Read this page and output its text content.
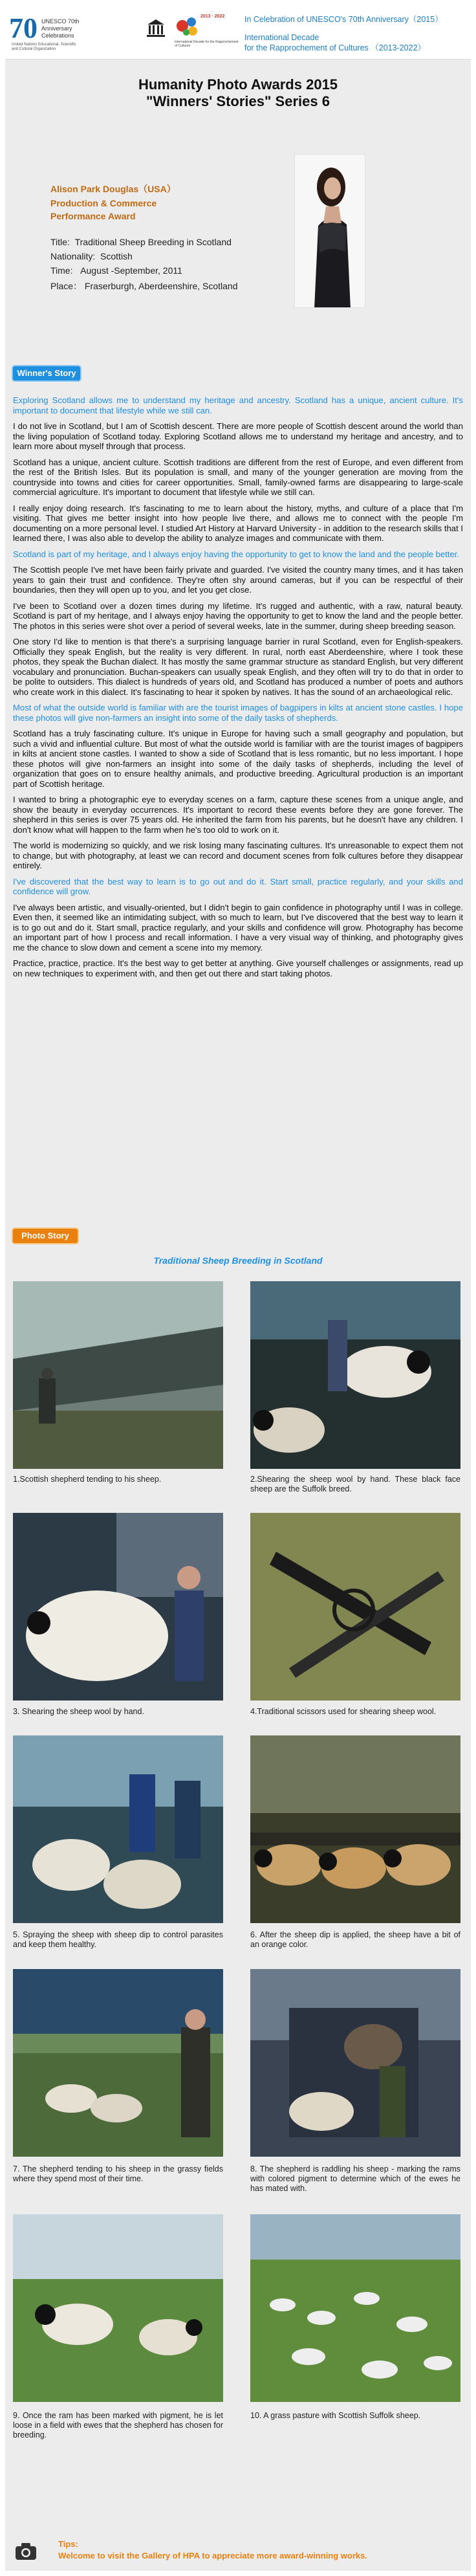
70 UNESCO 70th
Anniversary
Celebrations
United Nations Educational, Scientific and Cultural Organization
2013 · 2022
International Decade for the Rapprochement of Cultures
In Celebration of UNESCO's 70th Anniversary（2015）
International Decade
for the Rapprochement of Cultures （2013-2022）
Humanity Photo Awards 2015
"Winners' Stories" Series 6
Alison Park Douglas（USA）
Production & Commerce
Performance Award
Title: Traditional Sheep Breeding in Scotland
Nationality: Scottish
Time: August -September, 2011
Place： Fraserburgh, Aberdeenshire, Scotland
Winner's Story

Exploring Scotland allows me to understand my heritage and ancestry. Scotland has a unique, ancient culture. It's important to document that lifestyle while we still can.

I do not live in Scotland, but I am of Scottish descent. There are more people of Scottish descent around the world than the living population of Scotland today. Exploring Scotland allows me to understand my heritage and ancestry, and to learn more about myself through that process.

Scotland has a unique, ancient culture. Scottish traditions are different from the rest of Europe, and even different from the rest of the British Isles. But its population is small, and many of the younger generation are moving from the countryside into towns and cities for career opportunities. Small, family-owned farms are disappearing to large-scale commercial agriculture. It's important to document that lifestyle while we still can.

I really enjoy doing research. It's fascinating to me to learn about the history, myths, and culture of a place that I'm visiting. That gives me better insight into how people live there, and allows me to connect with the people I'm documenting on a more personal level. I studied Art History at Harvard University - in addition to the research skills that I learned there, I was also able to develop the ability to analyze images and communicate with them.

Scotland is part of my heritage, and I always enjoy having the opportunity to get to know the land and the people better.

The Scottish people I've met have been fairly private and guarded. I've visited the country many times, and it has taken years to gain their trust and confidence. They're often shy around cameras, but if you can be respectful of their boundaries, then they will open up to you, and let you get close.

I've been to Scotland over a dozen times during my lifetime. It's rugged and authentic, with a raw, natural beauty. Scotland is part of my heritage, and I always enjoy having the opportunity to get to know the land and the people better. The photos in this series were shot over a period of several weeks, late in the summer, during sheep breeding season.

One story I'd like to mention is that there's a surprising language barrier in rural Scotland, even for English-speakers. Officially they speak English, but the reality is very different. In rural, north east Aberdeenshire, where I took these photos, they speak the Buchan dialect. It has mostly the same grammar structure as standard English, but very different vocabulary and pronunciation. Buchan-speakers can usually speak English, and they often will try to do that in order to be polite to outsiders. This dialect is hundreds of years old, and Scotland has produced a number of poets and authors who create work in this dialect. It's fascinating to hear it spoken by natives. It has the sound of an archaeological relic.

Most of what the outside world is familiar with are the tourist images of bagpipers in kilts at ancient stone castles. I hope these photos will give non-farmers an insight into some of the daily tasks of shepherds.

Scotland has a truly fascinating culture. It's unique in Europe for having such a small geography and population, but such a vivid and influential culture. But most of what the outside world is familiar with are the tourist images of bagpipers in kilts at ancient stone castles. I wanted to show a side of Scotland that is less romantic, but no less important. I hope these photos will give non-farmers an insight into some of the daily tasks of shepherds, including the level of organization that goes on to ensure healthy animals, and productive breeding. Agricultural production is an important part of Scottish heritage.

I wanted to bring a photographic eye to everyday scenes on a farm, capture these scenes from a unique angle, and show the beauty in everyday occurrences. It's important to record these events before they are gone forever. The shepherd in this series is over 75 years old. He inherited the farm from his parents, but he doesn't have any children. I don't know what will happen to the farm when he's too old to work on it.

The world is modernizing so quickly, and we risk losing many fascinating cultures. It's unreasonable to expect them not to change, but with photography, at least we can record and document scenes from folk cultures before they disappear entirely.

I've discovered that the best way to learn is to go out and do it. Start small, practice regularly, and your skills and confidence will grow.

I've always been artistic, and visually-oriented, but I didn't begin to gain confidence in photography until I was in college. Even then, it seemed like an intimidating subject, with so much to learn, but I've discovered that the best way to learn it is to go out and do it. Start small, practice regularly, and your skills and confidence will grow. Photography has become an important part of how I process and recall information. I have a very visual way of thinking, and photography gives me the chance to slow down and cement a scene into my memory.

Practice, practice, practice. It's the best way to get better at anything. Give yourself challenges or assignments, read up on new techniques to experiment with, and then get out there and start taking photos.

Photo Story
Traditional Sheep Breeding in Scotland
1.Scottish shepherd tending to his sheep.	2.Shearing the sheep wool by hand. These black face sheep are the Suffolk breed.
3. Shearing the sheep wool by hand.	4.Traditional scissors used for shearing sheep wool.
5. Spraying the sheep with sheep dip to control parasites and keep them healthy.
6. After the sheep dip is applied, the sheep have a bit of an orange color.
7. The shepherd tending to his sheep in the grassy fields where they spend most of their time.
8. The shepherd is raddling his sheep - marking the rams with colored pigment to determine which of the ewes he has mated with.
9. Once the ram has been marked with pigment, he is let loose in a field with ewes that the shepherd has chosen for breeding.
10. A grass pasture with Scottish Suffolk sheep.
Tips:
Welcome to visit the Gallery of HPA to appreciate more award-winning works.
